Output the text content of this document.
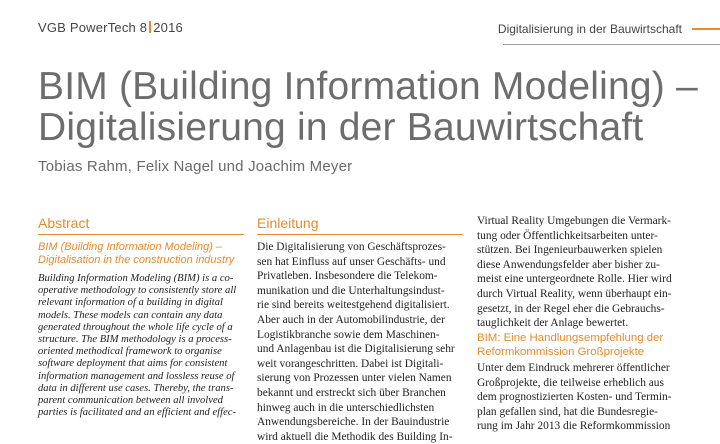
VGB PowerTech 8 2016	Digitalisierung in der Bauwirtschaft
BIM (Building Information Modeling) –
Digitalisierung in der Bauwirtschaft
Tobias Rahm, Felix Nagel und Joachim Meyer
Abstract
BIM (Building Information Modeling) – Digitalisation in the construction industry
Building Information Modeling (BIM) is a co-
operative methodology to consistently store all
relevant information of a building in digital
models. These models can contain any data
generated throughout the whole life cycle of a
structure. The BIM methodology is a process-
oriented methodical framework to organise
software deployment that aims for consistent
information management and lossless reuse of
data in different use cases. Thereby, the trans-
parent communication between all involved
parties is facilitated and an efficient and effec-
Einleitung
Die Digitalisierung von Geschäftsprozes-
sen hat Einfluss auf unser Geschäfts- und
Privatleben. Insbesondere die Telekom-
munikation und die Unterhaltungsindust-
rie sind bereits weitestgehend digitalisiert.
Aber auch in der Automobilindustrie, der
Logistikbranche sowie dem Maschinen-
und Anlagenbau ist die Digitalisierung sehr
weit vorangeschritten. Dabei ist Digitali-
sierung von Prozessen unter vielen Namen
bekannt und erstreckt sich über Branchen
hinweg auch in die unterschiedlichsten
Anwendungsbereiche. In der Bauindustrie
wird aktuell die Methodik des Building In-
Virtual Reality Umgebungen die Vermark-
tung oder Öffentlichkeitsarbeiten unter-
stützen. Bei Ingenieurbauwerken spielen
diese Anwendungsfelder aber bisher zu-
meist eine untergeordnete Rolle. Hier wird
durch Virtual Reality, wenn überhaupt ein-
gesetzt, in der Regel eher die Gebrauchs-
tauglichkeit der Anlage bewertet.
BIM: Eine Handlungsempfehlung der Reformkommission Großprojekte
Unter dem Eindruck mehrerer öffentlicher
Großprojekte, die teilweise erheblich aus
dem prognostizierten Kosten- und Termin-
plan gefallen sind, hat die Bundesregie-
rung im Jahr 2013 die Reformkommission
